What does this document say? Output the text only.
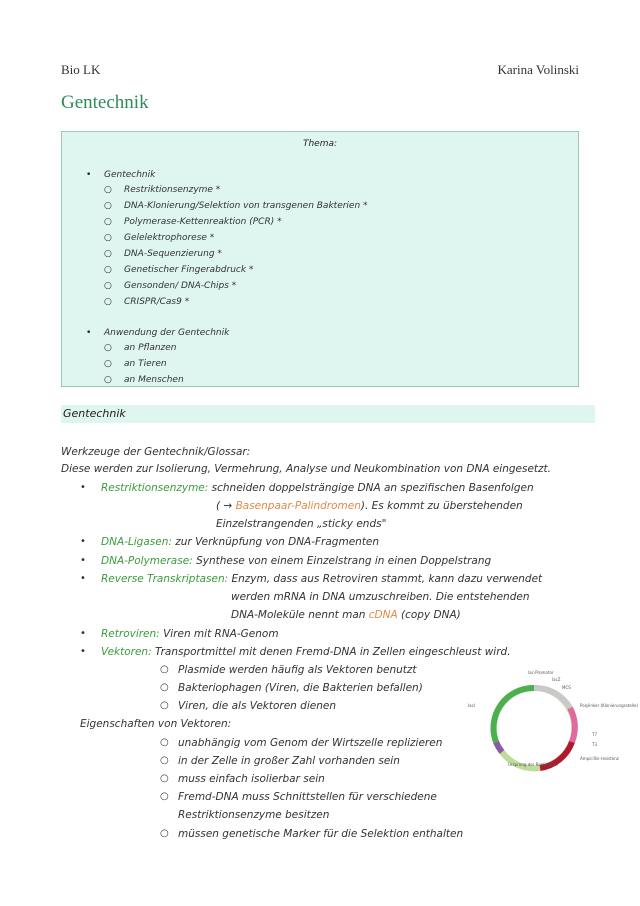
Bio LK	Karina Volinski
Gentechnik
Thema:
• Gentechnik
○ Restriktionsenzyme *
○ DNA-Klonierung/Selektion von transgenen Bakterien *
○ Polymerase-Kettenreaktion (PCR) *
○ Gelelektrophorese *
○ DNA-Sequenzierung *
○ Genetischer Fingerabdruck *
○ Gensonden/ DNA-Chips *
○ CRISPR/Cas9 *
• Anwendung der Gentechnik
○ an Pflanzen
○ an Tieren
○ an Menschen
Gentechnik
Werkzeuge der Gentechnik/Glossar:
Diese werden zur Isolierung, Vermehrung, Analyse und Neukombination von DNA eingesetzt.
• Restriktionsenzyme: schneiden doppelsträngige DNA an spezifischen Basenfolgen
( → Basenpaar-Palindromen). Es kommt zu überstehenden
Einzelstrangenden „sticky ends"
• DNA-Ligasen: zur Verknüpfung von DNA-Fragmenten
• DNA-Polymerase: Synthese von einem Einzelstrang in einen Doppelstrang
• Reverse Transkriptasen: Enzym, dass aus Retroviren stammt, kann dazu verwendet
werden mRNA in DNA umzuschreiben. Die entstehenden
DNA-Moleküle nennt man cDNA (copy DNA)
• Retroviren: Viren mit RNA-Genom
• Vektoren: Transportmittel mit denen Fremd-DNA in Zellen eingeschleust wird.
○ Plasmide werden häufig als Vektoren benutzt
○ Bakteriophagen (Viren, die Bakterien befallen)
○ Viren, die als Vektoren dienen
Eigenschaften von Vektoren:
○ unabhängig vom Genom der Wirtszelle replizieren
○ in der Zelle in großer Zahl vorhanden sein
○ muss einfach isolierbar sein
○ Fremd-DNA muss Schnittstellen für verschiedene
Restriktionsenzyme besitzen
○ müssen genetische Marker für die Selektion enthalten
lac-Promotor
lacZ
MCS
Polylinker (Klonierungsstelle)
T7
T3
Ampicillin-resistenz
Ursprung der Replikation
lacI
